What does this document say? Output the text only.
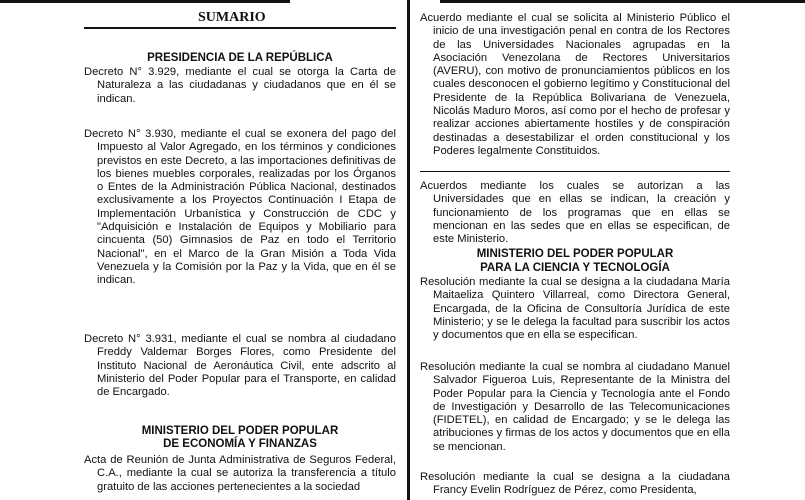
SUMARIO
PRESIDENCIA DE LA REPÚBLICA
Decreto N° 3.929, mediante el cual se otorga la Carta de Naturaleza a las ciudadanas y ciudadanos que en él se indican.
Decreto N° 3.930, mediante el cual se exonera del pago del Impuesto al Valor Agregado, en los términos y condiciones previstos en este Decreto, a las importaciones definitivas de los bienes muebles corporales, realizadas por los Órganos o Entes de la Administración Pública Nacional, destinados exclusivamente a los Proyectos Continuación I Etapa de Implementación Urbanística y Construcción de CDC y "Adquisición e Instalación de Equipos y Mobiliario para cincuenta (50) Gimnasios de Paz en todo el Territorio Nacional", en el Marco de la Gran Misión a Toda Vida Venezuela y la Comisión por la Paz y la Vida, que en él se indican.
Decreto N° 3.931, mediante el cual se nombra al ciudadano Freddy Valdemar Borges Flores, como Presidente del Instituto Nacional de Aeronáutica Civil, ente adscrito al Ministerio del Poder Popular para el Transporte, en calidad de Encargado.
MINISTERIO DEL PODER POPULAR
DE ECONOMÍA Y FINANZAS
Acta de Reunión de Junta Administrativa de Seguros Federal, C.A., mediante la cual se autoriza la transferencia a título gratuito de las acciones pertenecientes a la sociedad
Acuerdo mediante el cual se solicita al Ministerio Público el inicio de una investigación penal en contra de los Rectores de las Universidades Nacionales agrupadas en la Asociación Venezolana de Rectores Universitarios (AVERU), con motivo de pronunciamientos públicos en los cuales desconocen el gobierno legítimo y Constitucional del Presidente de la República Bolivariana de Venezuela, Nicolás Maduro Moros, así como por el hecho de profesar y realizar acciones abiertamente hostiles y de conspiración destinadas a desestabilizar el orden constitucional y los Poderes legalmente Constituidos.
Acuerdos mediante los cuales se autorizan a las Universidades que en ellas se indican, la creación y funcionamiento de los programas que en ellas se mencionan en las sedes que en ellas se especifican, de este Ministerio.
MINISTERIO DEL PODER POPULAR
PARA LA CIENCIA Y TECNOLOGÍA
Resolución mediante la cual se designa a la ciudadana María Maitaeliza Quintero Villarreal, como Directora General, Encargada, de la Oficina de Consultoría Jurídica de este Ministerio; y se le delega la facultad para suscribir los actos y documentos que en ella se especifican.
Resolución mediante la cual se nombra al ciudadano Manuel Salvador Figueroa Luis, Representante de la Ministra del Poder Popular para la Ciencia y Tecnología ante el Fondo de Investigación y Desarrollo de las Telecomunicaciones (FIDETEL), en calidad de Encargado; y se le delega las atribuciones y firmas de los actos y documentos que en ella se mencionan.
Resolución mediante la cual se designa a la ciudadana Francy Evelin Rodríguez de Pérez, como Presidenta,
